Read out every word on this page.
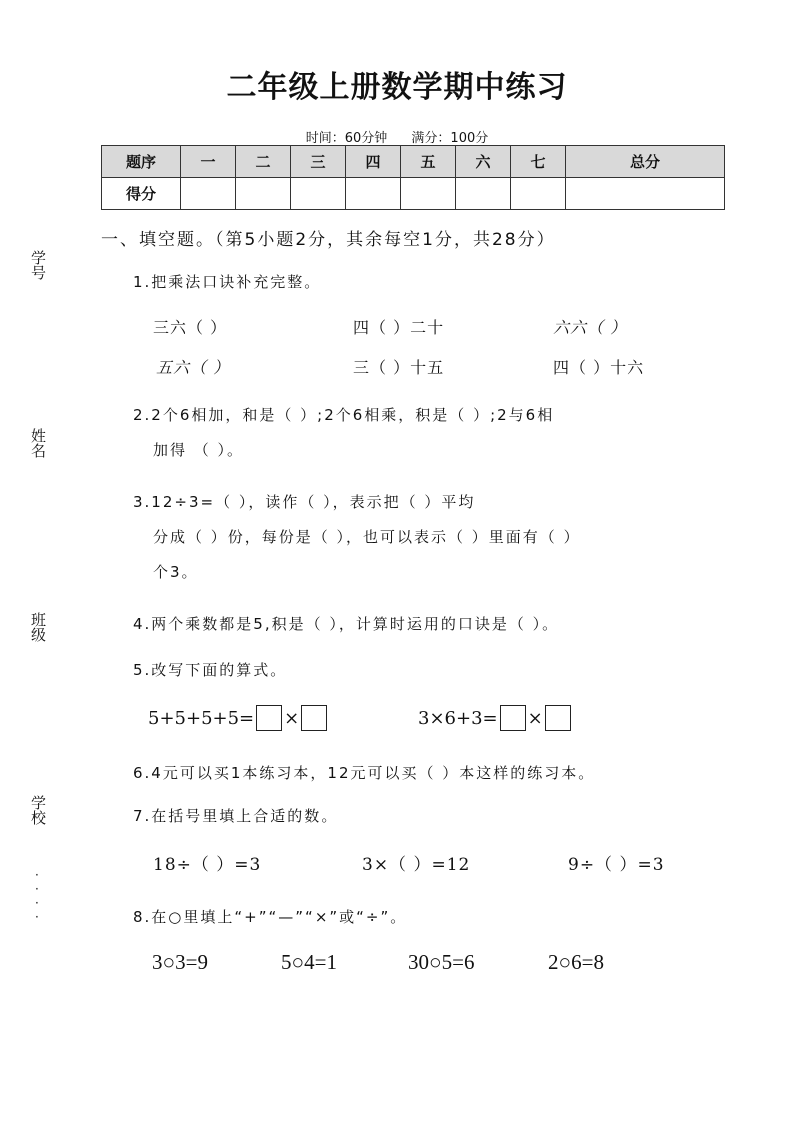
二年级上册数学期中练习
时间：60分钟 满分：100分
题序	一	二	三	四	五	六	七	总分
得分								
学号
姓名
班级
学校
·
·
·
·
一、填空题。（第5小题2分，其余每空1分，共28分）
1.把乘法口诀补充完整。
三六（ ）	四（ ）二十	六六（ ）
五六（ ）	三（ ）十五	四（ ）十六
2.2个6相加，和是（ ）;2个6相乘，积是（ ）;2与6相
加得 （ ）。
3.12÷3=（ ），读作（ ），表示把（ ）平均
分成（ ）份，每份是（ ），也可以表示（ ）里面有（ ）
个3。
4.两个乘数都是5,积是（ ），计算时运用的口诀是（ ）。
5.改写下面的算式。
5+5+5+5= ×	3×6+3= ×
6.4元可以买1本练习本，12元可以买（ ）本这样的练习本。
7.在括号里填上合适的数。
18÷（ ）=3	3×（ ）=12	9÷（ ）=3
8.在○里填上“+”“—”“×”或“÷”。
3○3=9	5○4=1	30○5=6	2○6=8
